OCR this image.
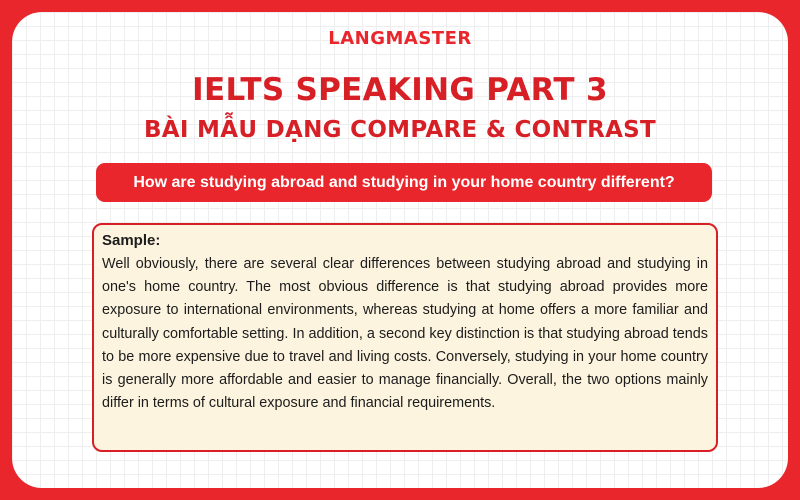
LANGMASTER
IELTS SPEAKING PART 3
BÀI MẪU DẠNG COMPARE & CONTRAST
How are studying abroad and studying in your home country different?
Sample:
Well obviously, there are several clear differences between studying abroad and studying in one's home country. The most obvious difference is that studying abroad provides more exposure to international environments, whereas studying at home offers a more familiar and culturally comfortable setting. In addition, a second key distinction is that studying abroad tends to be more expensive due to travel and living costs. Conversely, studying in your home country is generally more affordable and easier to manage financially. Overall, the two options mainly differ in terms of cultural exposure and financial requirements.
